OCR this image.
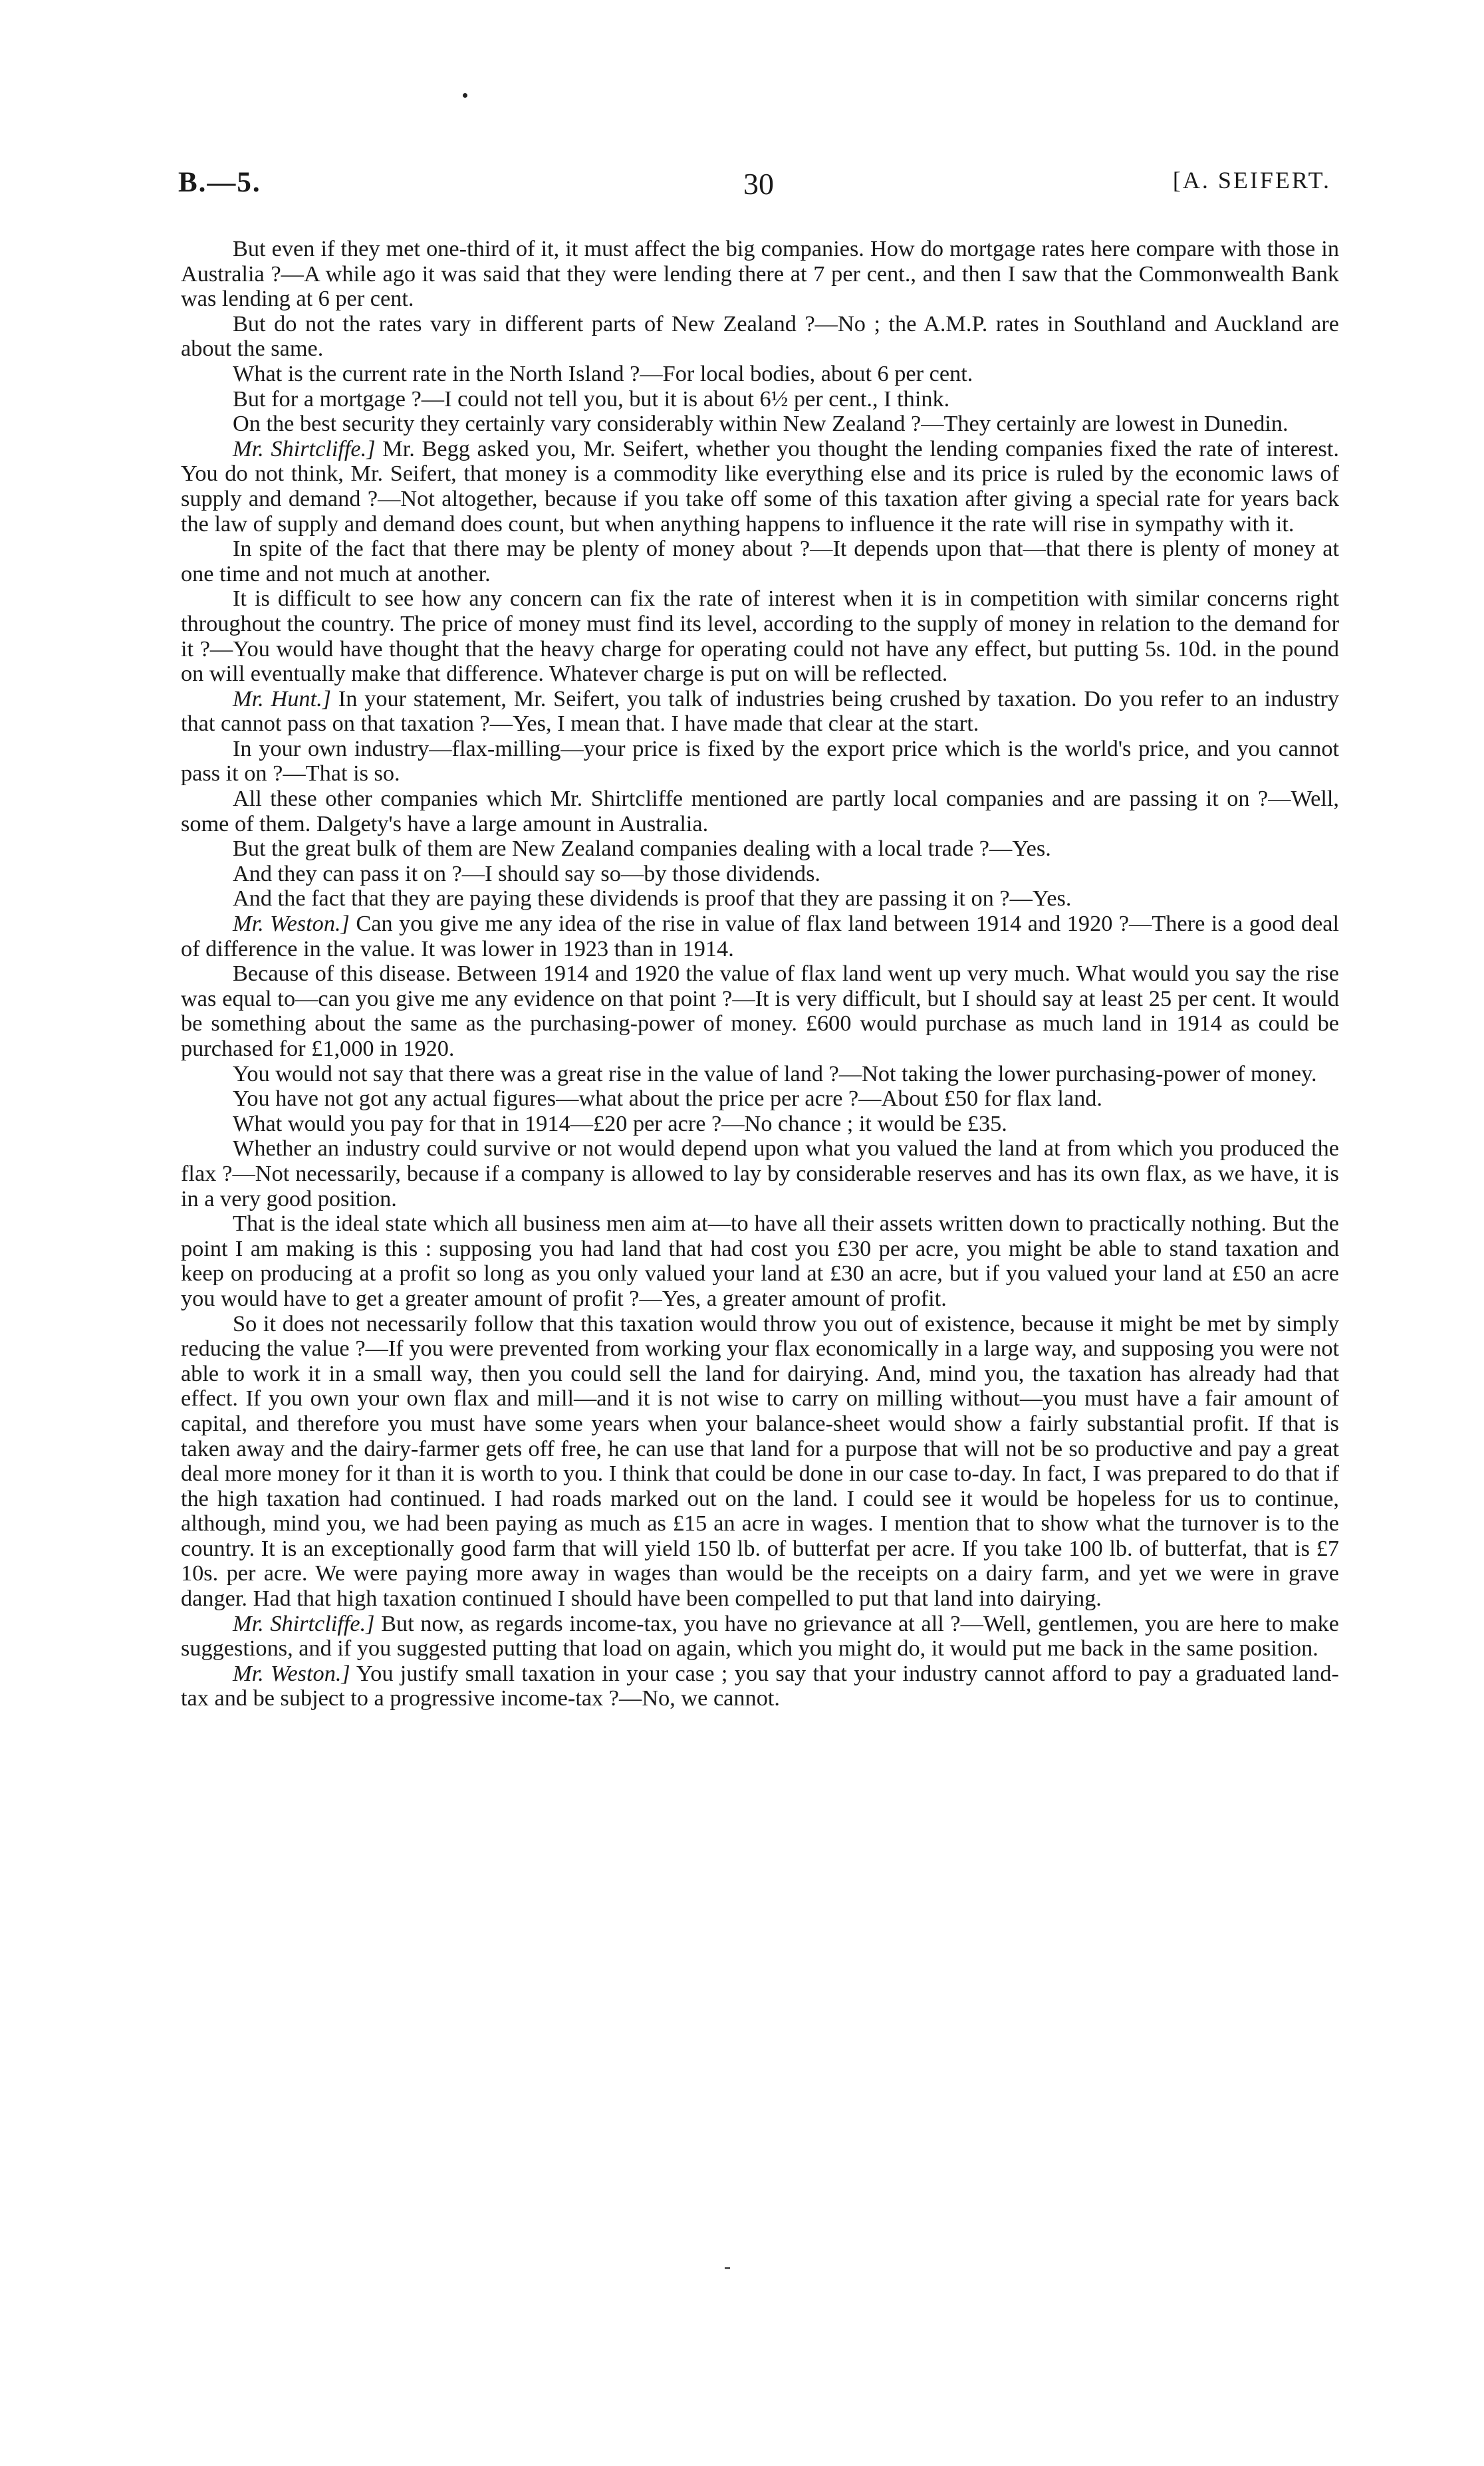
B.—5.	30	[A. SEIFERT.

But even if they met one-third of it, it must affect the big companies. How do mortgage rates here compare with those in Australia ?—A while ago it was said that they were lending there at 7 per cent., and then I saw that the Commonwealth Bank was lending at 6 per cent.

But do not the rates vary in different parts of New Zealand ?—No ; the A.M.P. rates in Southland and Auckland are about the same.

What is the current rate in the North Island ?—For local bodies, about 6 per cent.

But for a mortgage ?—I could not tell you, but it is about 6½ per cent., I think.

On the best security they certainly vary considerably within New Zealand ?—They certainly are lowest in Dunedin.

Mr. Shirtcliffe.] Mr. Begg asked you, Mr. Seifert, whether you thought the lending companies fixed the rate of interest. You do not think, Mr. Seifert, that money is a commodity like everything else and its price is ruled by the economic laws of supply and demand ?—Not altogether, because if you take off some of this taxation after giving a special rate for years back the law of supply and demand does count, but when anything happens to influence it the rate will rise in sympathy with it.

In spite of the fact that there may be plenty of money about ?—It depends upon that—that there is plenty of money at one time and not much at another.

It is difficult to see how any concern can fix the rate of interest when it is in competition with similar concerns right throughout the country. The price of money must find its level, according to the supply of money in relation to the demand for it ?—You would have thought that the heavy charge for operating could not have any effect, but putting 5s. 10d. in the pound on will eventually make that difference. Whatever charge is put on will be reflected.

Mr. Hunt.] In your statement, Mr. Seifert, you talk of industries being crushed by taxation. Do you refer to an industry that cannot pass on that taxation ?—Yes, I mean that. I have made that clear at the start.

In your own industry—flax-milling—your price is fixed by the export price which is the world's price, and you cannot pass it on ?—That is so.

All these other companies which Mr. Shirtcliffe mentioned are partly local companies and are passing it on ?—Well, some of them. Dalgety's have a large amount in Australia.

But the great bulk of them are New Zealand companies dealing with a local trade ?—Yes.

And they can pass it on ?—I should say so—by those dividends.

And the fact that they are paying these dividends is proof that they are passing it on ?—Yes.

Mr. Weston.] Can you give me any idea of the rise in value of flax land between 1914 and 1920 ?—There is a good deal of difference in the value. It was lower in 1923 than in 1914.

Because of this disease. Between 1914 and 1920 the value of flax land went up very much. What would you say the rise was equal to—can you give me any evidence on that point ?—It is very difficult, but I should say at least 25 per cent. It would be something about the same as the purchasing-power of money. £600 would purchase as much land in 1914 as could be purchased for £1,000 in 1920.

You would not say that there was a great rise in the value of land ?—Not taking the lower purchasing-power of money.

You have not got any actual figures—what about the price per acre ?—About £50 for flax land.

What would you pay for that in 1914—£20 per acre ?—No chance ; it would be £35.

Whether an industry could survive or not would depend upon what you valued the land at from which you produced the flax ?—Not necessarily, because if a company is allowed to lay by considerable reserves and has its own flax, as we have, it is in a very good position.

That is the ideal state which all business men aim at—to have all their assets written down to practically nothing. But the point I am making is this : supposing you had land that had cost you £30 per acre, you might be able to stand taxation and keep on producing at a profit so long as you only valued your land at £30 an acre, but if you valued your land at £50 an acre you would have to get a greater amount of profit ?—Yes, a greater amount of profit.

So it does not necessarily follow that this taxation would throw you out of existence, because it might be met by simply reducing the value ?—If you were prevented from working your flax economically in a large way, and supposing you were not able to work it in a small way, then you could sell the land for dairying. And, mind you, the taxation has already had that effect. If you own your own flax and mill—and it is not wise to carry on milling without—you must have a fair amount of capital, and therefore you must have some years when your balance-sheet would show a fairly substantial profit. If that is taken away and the dairy-farmer gets off free, he can use that land for a purpose that will not be so productive and pay a great deal more money for it than it is worth to you. I think that could be done in our case to-day. In fact, I was prepared to do that if the high taxation had continued. I had roads marked out on the land. I could see it would be hopeless for us to continue, although, mind you, we had been paying as much as £15 an acre in wages. I mention that to show what the turnover is to the country. It is an exceptionally good farm that will yield 150 lb. of butterfat per acre. If you take 100 lb. of butterfat, that is £7 10s. per acre. We were paying more away in wages than would be the receipts on a dairy farm, and yet we were in grave danger. Had that high taxation continued I should have been compelled to put that land into dairying.

Mr. Shirtcliffe.] But now, as regards income-tax, you have no grievance at all ?—Well, gentlemen, you are here to make suggestions, and if you suggested putting that load on again, which you might do, it would put me back in the same position.

Mr. Weston.] You justify small taxation in your case ; you say that your industry cannot afford to pay a graduated land-tax and be subject to a progressive income-tax ?—No, we cannot.
